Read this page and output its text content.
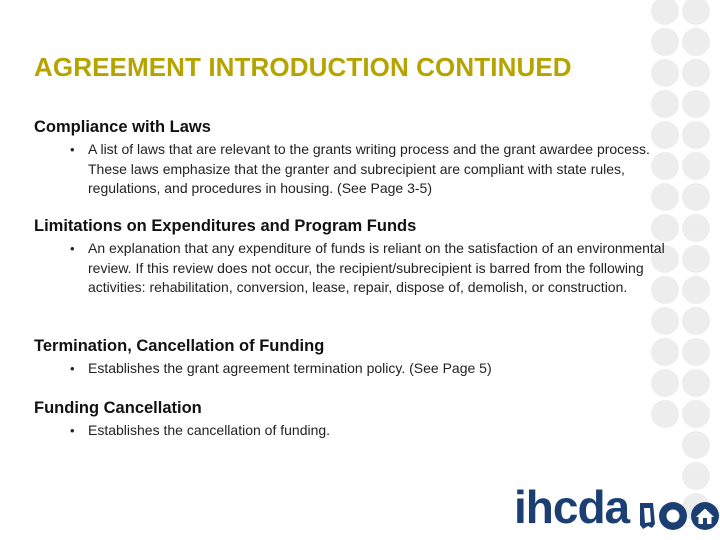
AGREEMENT INTRODUCTION CONTINUED
Compliance with Laws
• A list of laws that are relevant to the grants writing process and the grant awardee process. These laws emphasize that the granter and subrecipient are compliant with state rules, regulations, and procedures in housing. (See Page 3-5)
Limitations on Expenditures and Program Funds
• An explanation that any expenditure of funds is reliant on the satisfaction of an environmental review. If this review does not occur, the recipient/subrecipient is barred from the following activities: rehabilitation, conversion, lease, repair, dispose of, demolish, or construction.
Termination, Cancellation of Funding
• Establishes the grant agreement termination policy. (See Page 5)
Funding Cancellation
• Establishes the cancellation of funding.
ihcda
